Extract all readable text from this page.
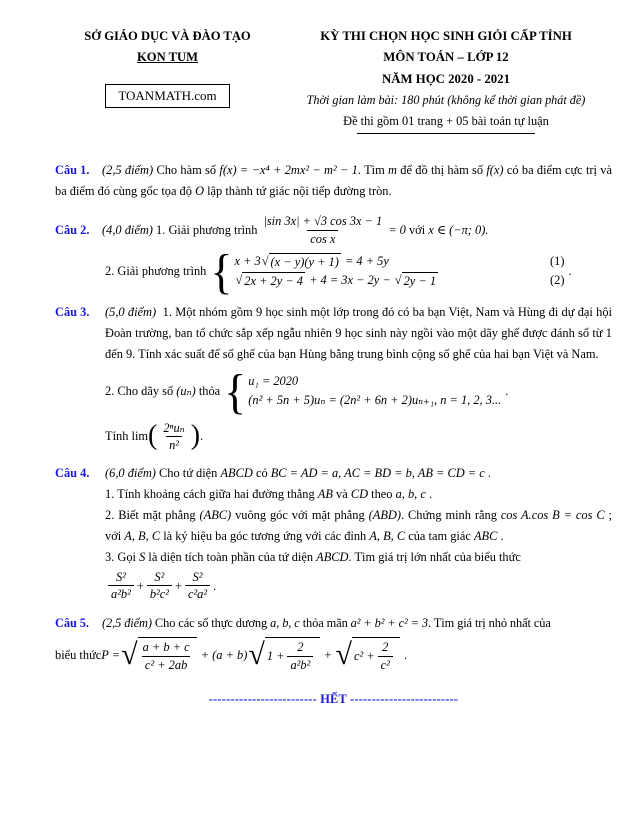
SỞ GIÁO DỤC VÀ ĐÀO TẠO
KON TUM
TOANMATH.com
KỲ THI CHỌN HỌC SINH GIỎI CẤP TỈNH
MÔN TOÁN – LỚP 12
NĂM HỌC 2020 - 2021
Thời gian làm bài: 180 phút (không kể thời gian phát đề)
Đề thi gồm 01 trang + 05 bài toán tự luận
Câu 1. (2,5 điểm) Cho hàm số f(x) = −x⁴ + 2mx² − m² − 1. Tìm m để đồ thị hàm số f(x) có ba điểm cực trị và ba điểm đó cùng gốc tọa độ O lập thành tứ giác nội tiếp đường tròn.
Câu 2.	(4,0 điểm)
1. Giải phương trình $\frac{|\sin 3x| + √3 \cos 3x - 1}{\text{cos x}} = 0$ với x ∈ (−π; 0).
2. Giải phương trình { x + 3 √ (x − y)(y + 1) = 4 + 5y	(1)
√ 2x + 2y − 4 + 4 = 3x − 2y − √ 2y − 1	(2)
.
Câu 3. (5,0 điểm) 1. Một nhóm gồm 9 học sinh một lớp trong đó có ba bạn Việt, Nam và Hùng đi dự đại hội Đoàn trường, ban tổ chức sắp xếp ngẫu nhiên 9 học sinh này ngồi vào một dãy ghế được đánh số từ 1 đến 9. Tính xác suất để số ghế của bạn Hùng bằng trung bình cộng số ghế của hai bạn Việt và Nam.
2. Cho dãy số (uₙ) thỏa { u₁ = 2020
(n² + 5n + 5)uₙ = (2n² + 6n + 2)uₙ₊₁, n = 1, 2, 3...
.
Tính lim ( $\frac{\text{2ⁿuₙ}}{\text{n²}}$ ) .
Câu 4. (6,0 điểm) Cho tứ diện ABCD có BC = AD = a, AC = BD = b, AB = CD = c .
1. Tính khoảng cách giữa hai đường thẳng AB và CD theo a, b, c .
2. Biết mặt phẳng (ABC) vuông góc với mặt phẳng (ABD). Chứng minh rằng cos A.cos B = cos C ; với A, B, C là ký hiệu ba góc tương ứng với các đỉnh A, B, C của tam giác ABC .
3. Gọi S là diện tích toàn phần của tứ diện ABCD. Tìm giá trị lớn nhất của biểu thức
$\frac{\text{S²}}{\text{a²b²}} + \frac{\text{S²}}{\text{b²c²}} + \frac{\text{S²}}{\text{c²a²}}$ .
Câu 5. (2,5 điểm) Cho các số thực dương a, b, c thỏa mãn a² + b² + c² = 3. Tìm giá trị nhỏ nhất của
biểu thức P = √ $\frac{a + b + c}{\text{c² + 2ab}} + (a + b)$ √ $1 + \frac{2}{\text{a²b²}}$ + √ $c^2 + \frac{2}{\text{c²}}$ .
------------------------- HẾT -------------------------
